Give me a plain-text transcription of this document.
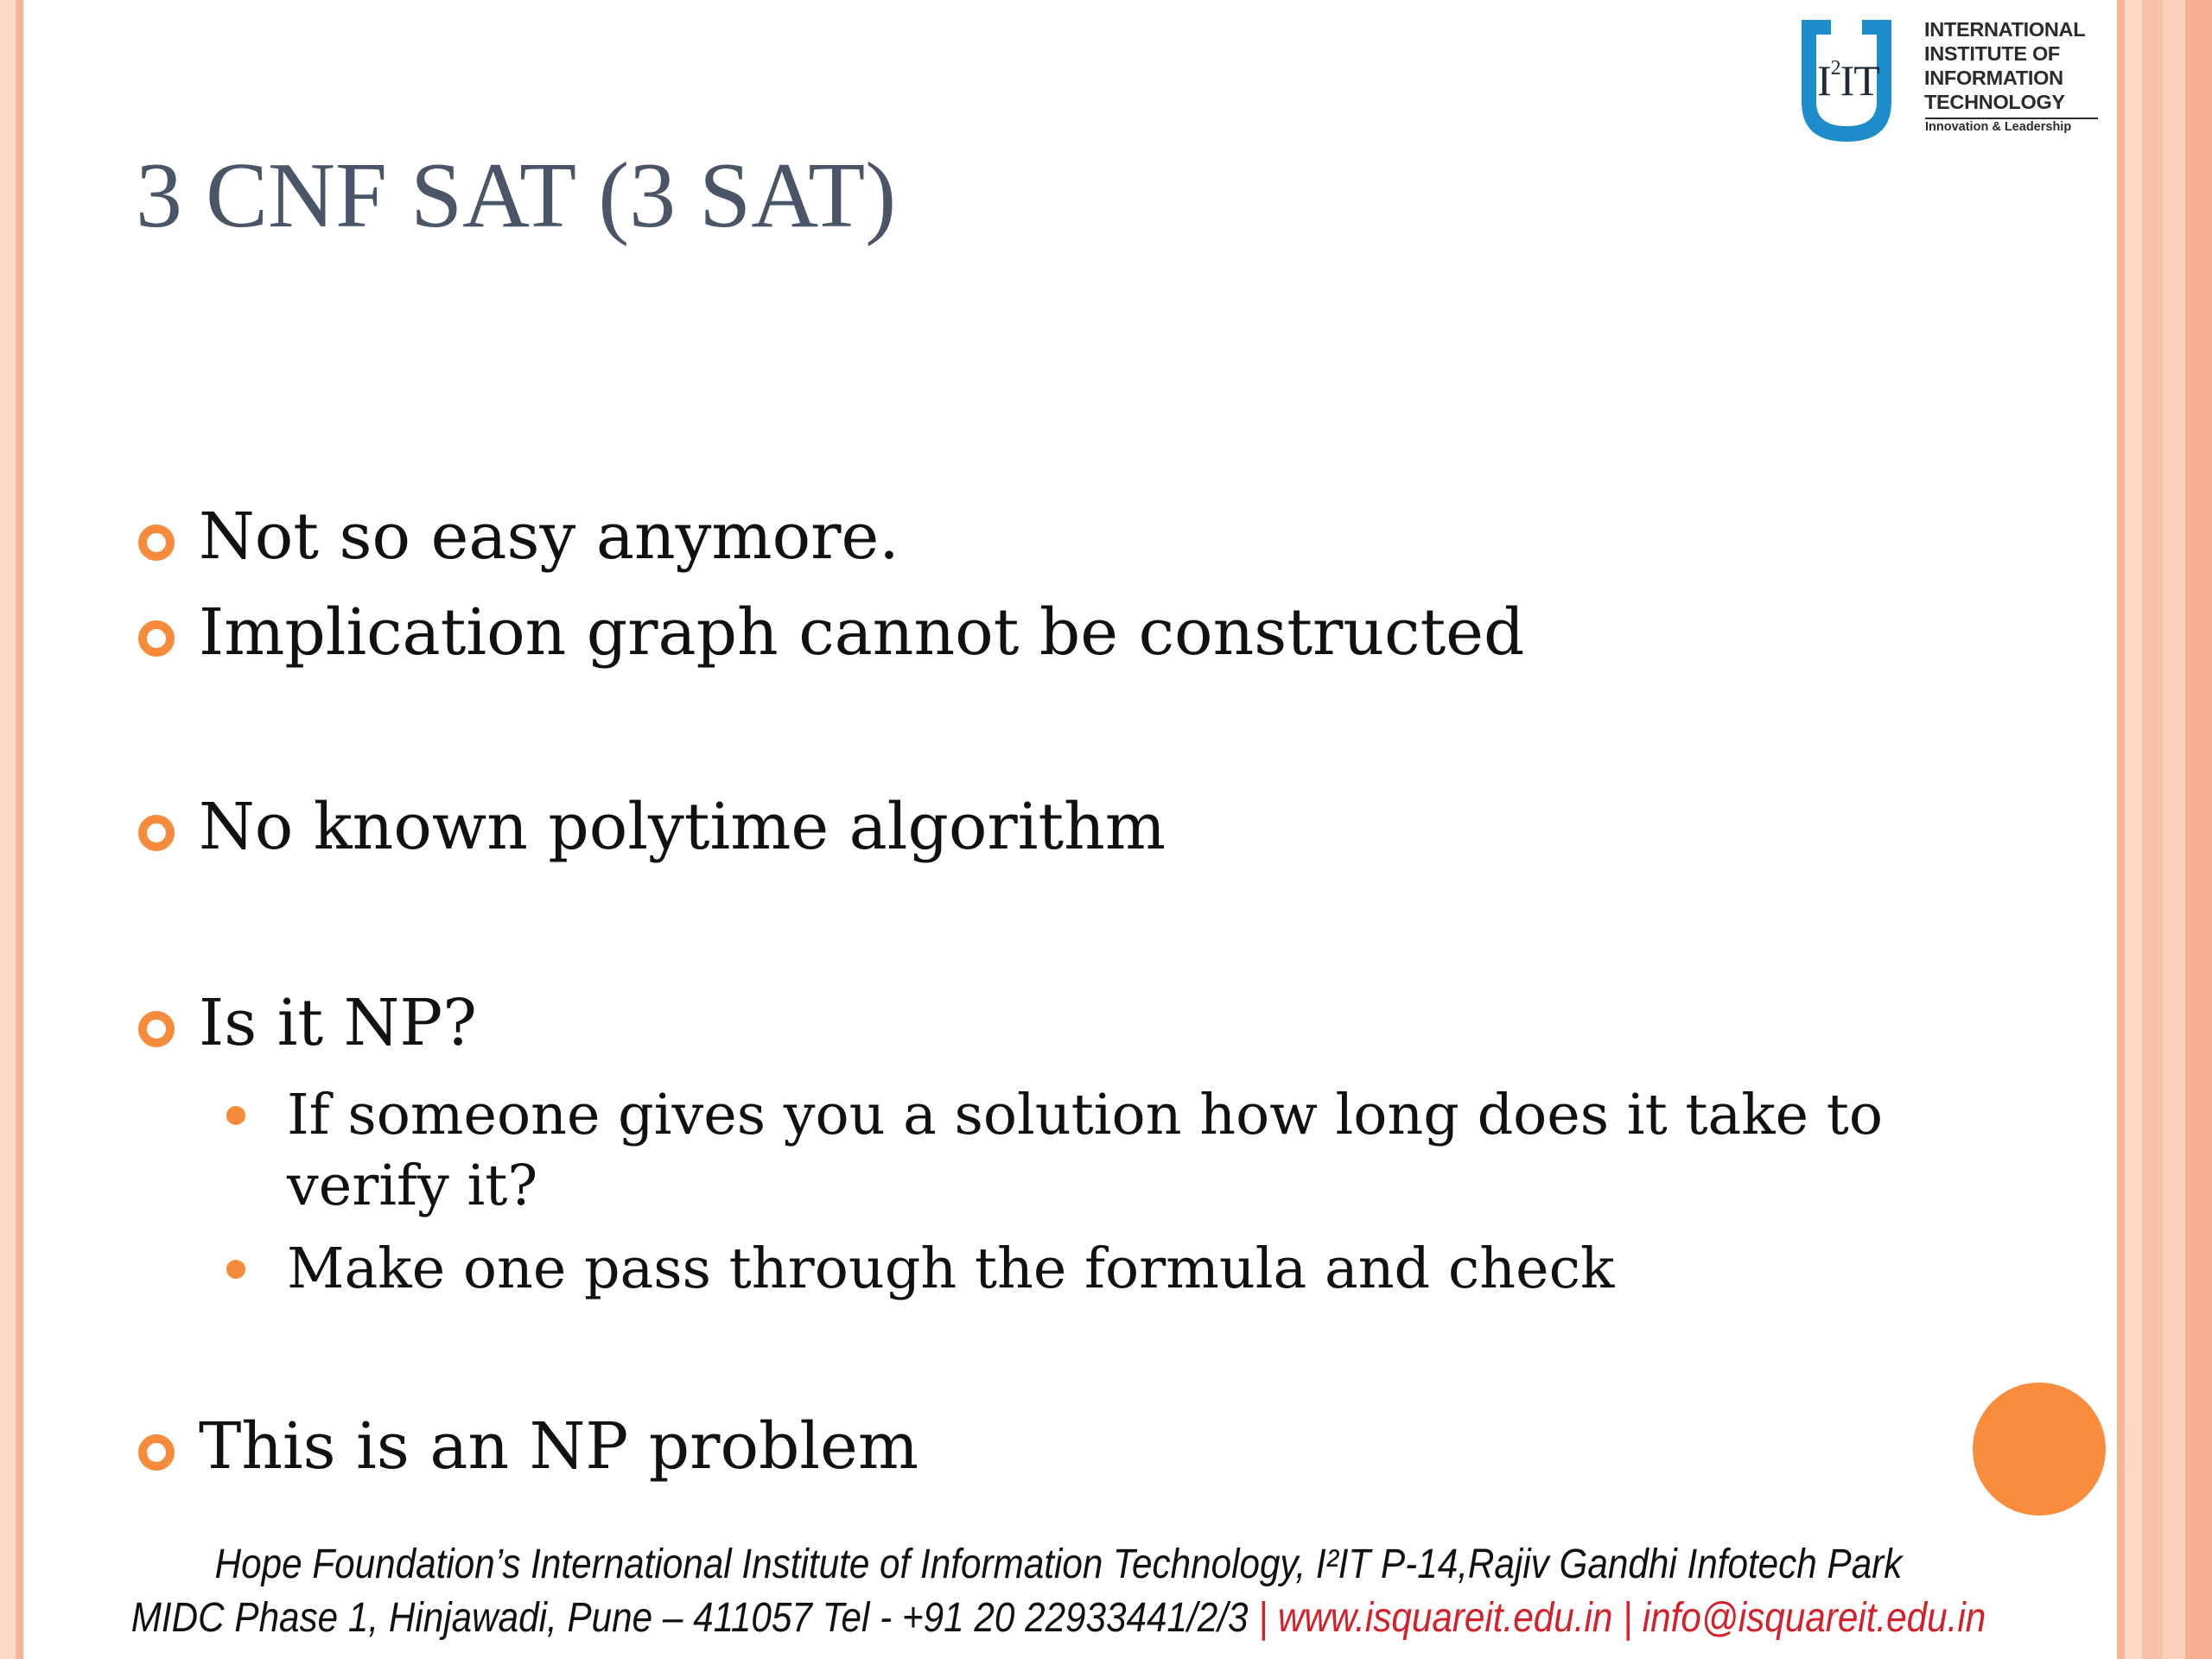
$I^2IT$
INTERNATIONAL
INSTITUTE OF
INFORMATION
TECHNOLOGY
Innovation & Leadership
3 CNF SAT (3 SAT)
Not so easy anymore.
Implication graph cannot be constructed
No known polytime algorithm
Is it NP?
If someone gives you a solution how long does it take to
verify it?
Make one pass through the formula and check
This is an NP problem
Hope Foundation’s International Institute of Information Technology, I²IT P-14,Rajiv Gandhi Infotech Park
MIDC Phase 1, Hinjawadi, Pune – 411057 Tel - +91 20 22933441/2/3 | www.isquareit.edu.in | info@isquareit.edu.in
